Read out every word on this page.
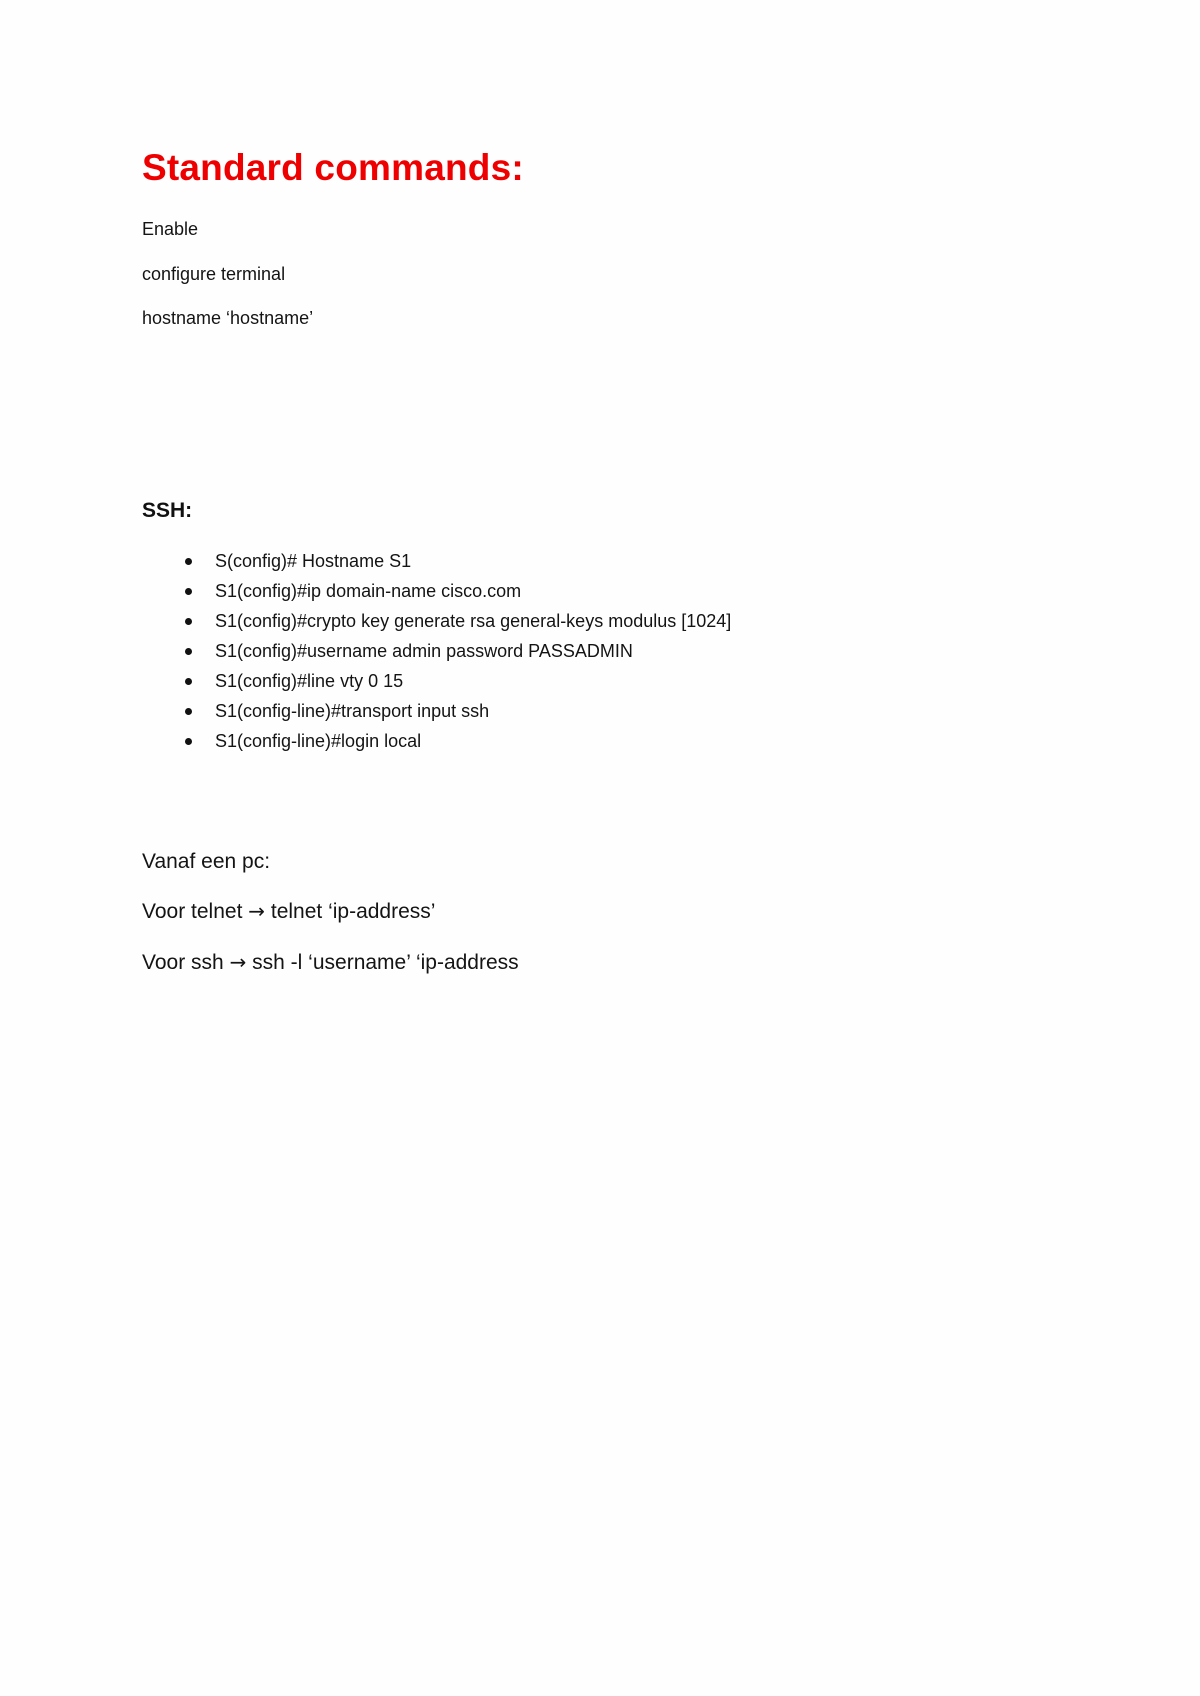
Standard commands:

Enable

configure terminal

hostname ‘hostname’

SSH:
S(config)# Hostname S1
S1(config)#ip domain-name cisco.com
S1(config)#crypto key generate rsa general-keys modulus [1024]
S1(config)#username admin password PASSADMIN
S1(config)#line vty 0 15
S1(config-line)#transport input ssh
S1(config-line)#login local

Vanaf een pc:

Voor telnet → telnet ‘ip-address’

Voor ssh → ssh -l ‘username’ ‘ip-address
